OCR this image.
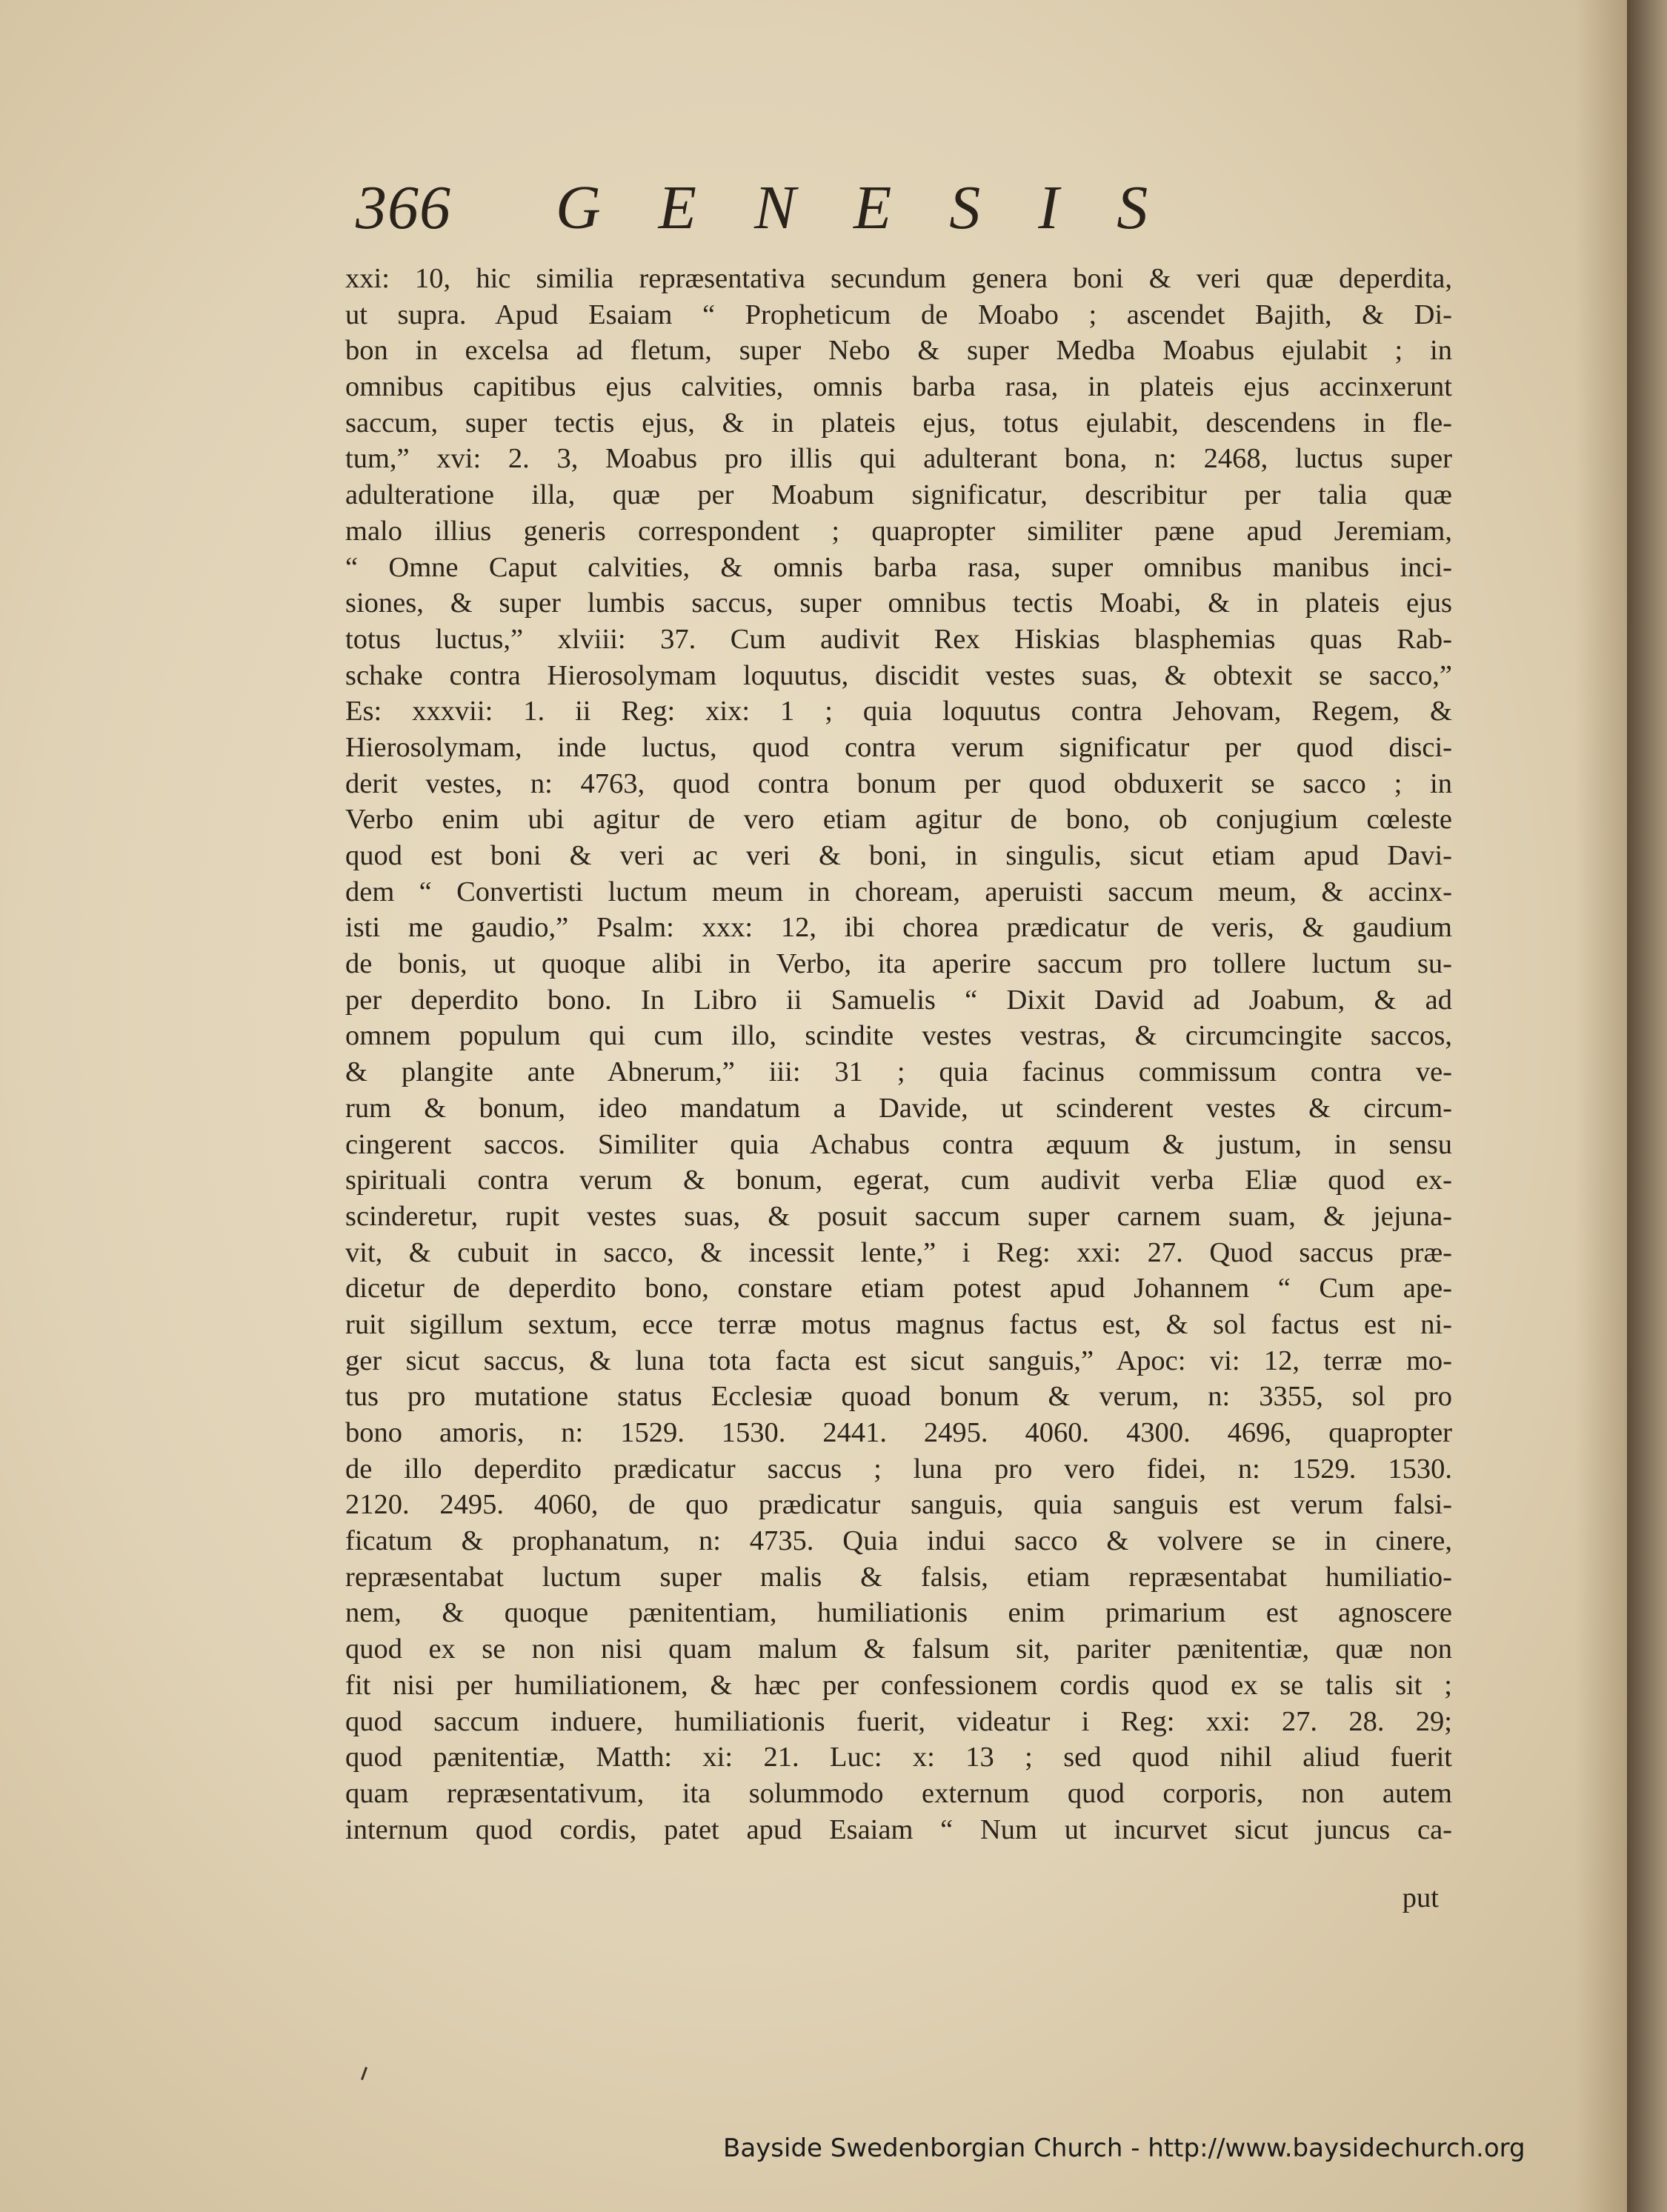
366 GENESIS
xxi: 10, hic similia repræsentativa secundum genera boni & veri quæ deperdita,
ut supra. Apud Esaiam “ Propheticum de Moabo ; ascendet Bajith, & Di-
bon in excelsa ad fletum, super Nebo & super Medba Moabus ejulabit ; in
omnibus capitibus ejus calvities, omnis barba rasa, in plateis ejus accinxerunt
saccum, super tectis ejus, & in plateis ejus, totus ejulabit, descendens in fle-
tum,” xvi: 2. 3, Moabus pro illis qui adulterant bona, n: 2468, luctus super
adulteratione illa, quæ per Moabum significatur, describitur per talia quæ
malo illius generis correspondent ; quapropter similiter pæne apud Jeremiam,
“ Omne Caput calvities, & omnis barba rasa, super omnibus manibus inci-
siones, & super lumbis saccus, super omnibus tectis Moabi, & in plateis ejus
totus luctus,” xlviii: 37. Cum audivit Rex Hiskias blasphemias quas Rab-
schake contra Hierosolymam loquutus, discidit vestes suas, & obtexit se sacco,”
Es: xxxvii: 1. ii Reg: xix: 1 ; quia loquutus contra Jehovam, Regem, &
Hierosolymam, inde luctus, quod contra verum significatur per quod disci-
derit vestes, n: 4763, quod contra bonum per quod obduxerit se sacco ; in
Verbo enim ubi agitur de vero etiam agitur de bono, ob conjugium cœleste
quod est boni & veri ac veri & boni, in singulis, sicut etiam apud Davi-
dem “ Convertisti luctum meum in choream, aperuisti saccum meum, & accinx-
isti me gaudio,” Psalm: xxx: 12, ibi chorea prædicatur de veris, & gaudium
de bonis, ut quoque alibi in Verbo, ita aperire saccum pro tollere luctum su-
per deperdito bono. In Libro ii Samuelis “ Dixit David ad Joabum, & ad
omnem populum qui cum illo, scindite vestes vestras, & circumcingite saccos,
& plangite ante Abnerum,” iii: 31 ; quia facinus commissum contra ve-
rum & bonum, ideo mandatum a Davide, ut scinderent vestes & circum-
cingerent saccos. Similiter quia Achabus contra æquum & justum, in sensu
spirituali contra verum & bonum, egerat, cum audivit verba Eliæ quod ex-
scinderetur, rupit vestes suas, & posuit saccum super carnem suam, & jejuna-
vit, & cubuit in sacco, & incessit lente,” i Reg: xxi: 27. Quod saccus præ-
dicetur de deperdito bono, constare etiam potest apud Johannem “ Cum ape-
ruit sigillum sextum, ecce terræ motus magnus factus est, & sol factus est ni-
ger sicut saccus, & luna tota facta est sicut sanguis,” Apoc: vi: 12, terræ mo-
tus pro mutatione status Ecclesiæ quoad bonum & verum, n: 3355, sol pro
bono amoris, n: 1529. 1530. 2441. 2495. 4060. 4300. 4696, quapropter
de illo deperdito prædicatur saccus ; luna pro vero fidei, n: 1529. 1530.
2120. 2495. 4060, de quo prædicatur sanguis, quia sanguis est verum falsi-
ficatum & prophanatum, n: 4735. Quia indui sacco & volvere se in cinere,
repræsentabat luctum super malis & falsis, etiam repræsentabat humiliatio-
nem, & quoque pænitentiam, humiliationis enim primarium est agnoscere
quod ex se non nisi quam malum & falsum sit, pariter pænitentiæ, quæ non
fit nisi per humiliationem, & hæc per confessionem cordis quod ex se talis sit ;
quod saccum induere, humiliationis fuerit, videatur i Reg: xxi: 27. 28. 29;
quod pænitentiæ, Matth: xi: 21. Luc: x: 13 ; sed quod nihil aliud fuerit
quam repræsentativum, ita solummodo externum quod corporis, non autem
internum quod cordis, patet apud Esaiam “ Num ut incurvet sicut juncus ca-
put
Bayside Swedenborgian Church - http://www.baysidechurch.org
